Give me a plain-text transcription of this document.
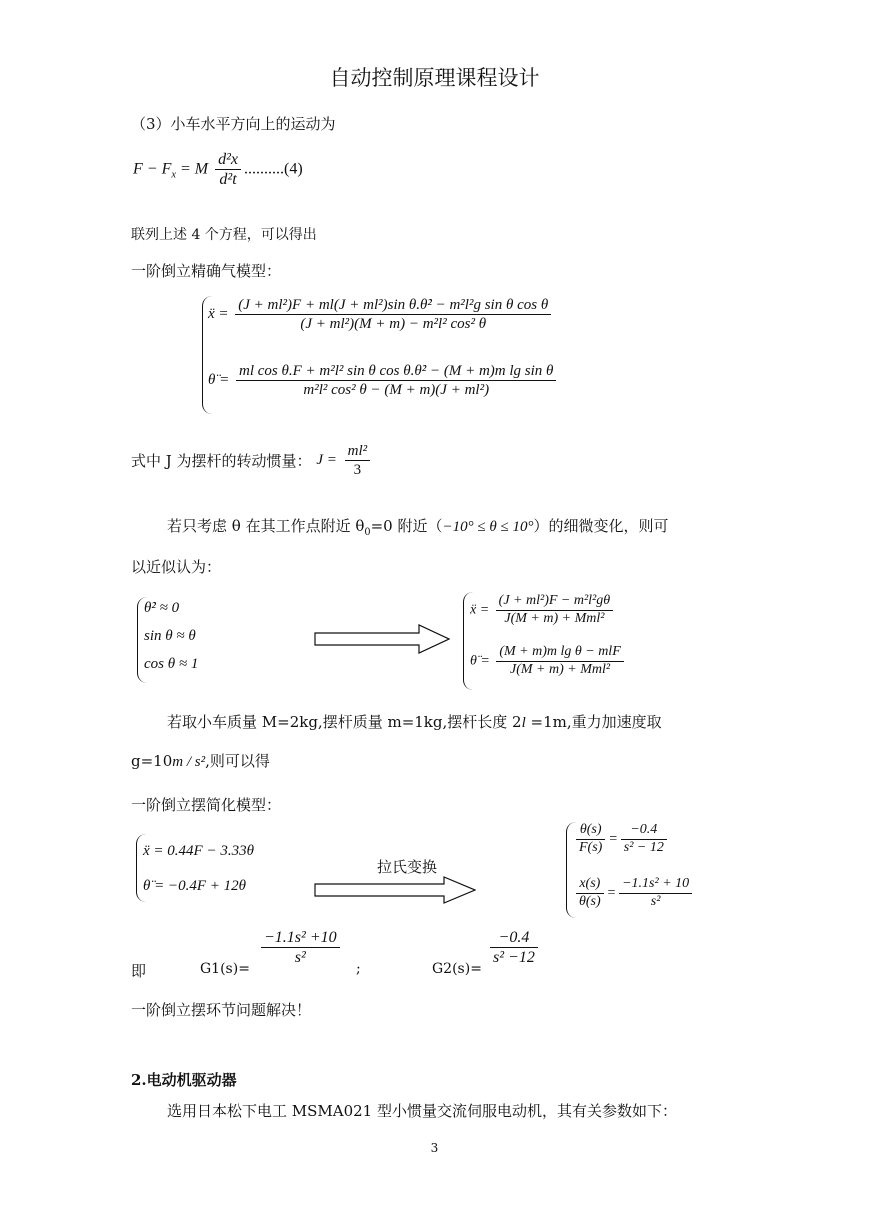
自动控制原理课程设计
（3）小车水平方向上的运动为
$F - F_x = M \frac{\text{d²x}}{\text{d²t}} ..........(4)$
联列上述 4 个方程，可以得出
一阶倒立精确气模型：
ẍ = $\frac{\text{(J + ml²)F + ml(J + ml²)sin θ.θ̇² − m²l²g sin θ cos θ}}{\text{(J + ml²)(M + m) − m²l² cos² θ}}$
θ̈ = $\frac{\text{ml cos θ.F + m²l² sin θ cos θ.θ̇² − (M + m)m lg sin θ}}{\text{m²l² cos² θ − (M + m)(J + ml²)}}$
式中 J 为摆杆的转动惯量： $J = \frac{\text{ml²}}{3}$
若只考虑 θ 在其工作点附近 $\theta_0=0$ 附近（−10° ≤ θ ≤ 10°）的细微变化，则可
以近似认为：
θ̇² ≈ 0
sin θ ≈ θ
cos θ ≈ 1
ẍ = $\frac{\text{(J + ml²)F − m²l²gθ}}{\text{J(M + m) + Mml²}}$
θ̈ = $\frac{\text{(M + m)m lg θ − mlF}}{\text{J(M + m) + Mml²}}$
若取小车质量 M=2kg,摆杆质量 m=1kg,摆杆长度 2l =1m,重力加速度取
g=10m / s²,则可以得
一阶倒立摆简化模型：
ẍ = 0.44F − 3.33θ
θ̈ = −0.4F + 12θ
拉氏变换
$\frac{\theta(s)}{F(s)} = \frac{-0.4}{\text{s² − 12}}$
$\frac{x(s)}{\theta(s)} = \frac{\text{−1.1s² + 10}}{\text{s²}}$
即	G1(s)=
$\frac{\text{−1.1s² +10}}{\text{s²}}$
;	G2(s)=
$\frac{-0.4}{\text{s² −12}}$
一阶倒立摆环节问题解决！
2.电动机驱动器
选用日本松下电工 MSMA021 型小惯量交流伺服电动机，其有关参数如下：
3
